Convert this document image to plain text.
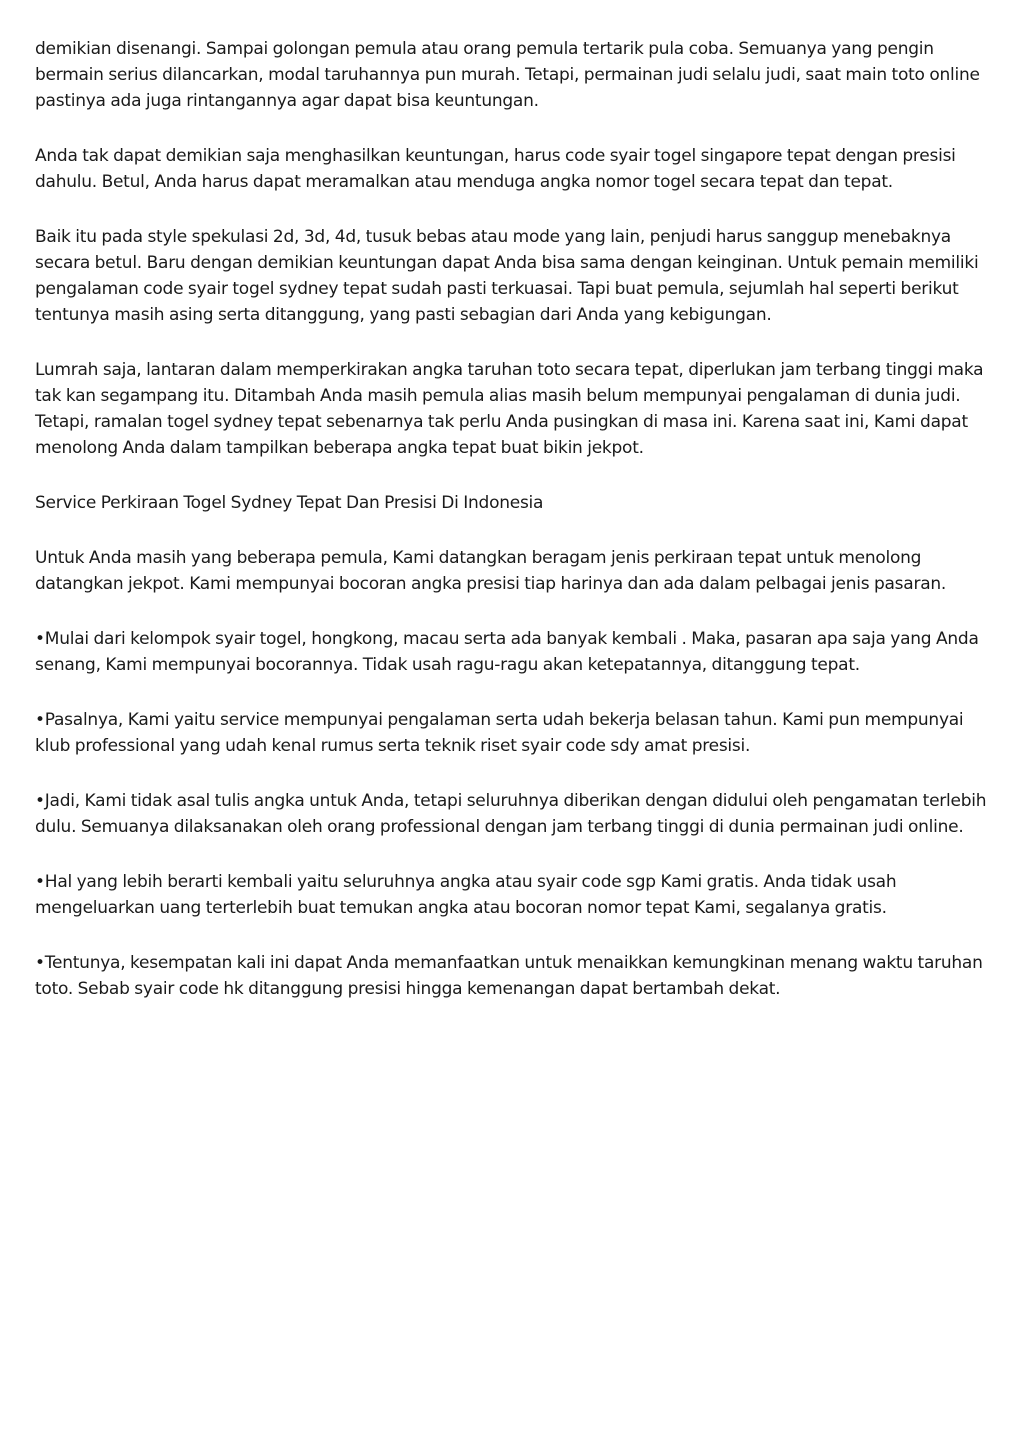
demikian disenangi. Sampai golongan pemula atau orang pemula tertarik pula coba. Semuanya yang pengin bermain serius dilancarkan, modal taruhannya pun murah. Tetapi, permainan judi selalu judi, saat main toto online pastinya ada juga rintangannya agar dapat bisa keuntungan.

Anda tak dapat demikian saja menghasilkan keuntungan, harus code syair togel singapore tepat dengan presisi dahulu. Betul, Anda harus dapat meramalkan atau menduga angka nomor togel secara tepat dan tepat.

Baik itu pada style spekulasi 2d, 3d, 4d, tusuk bebas atau mode yang lain, penjudi harus sanggup menebaknya secara betul. Baru dengan demikian keuntungan dapat Anda bisa sama dengan keinginan. Untuk pemain memiliki pengalaman code syair togel sydney tepat sudah pasti terkuasai. Tapi buat pemula, sejumlah hal seperti berikut tentunya masih asing serta ditanggung, yang pasti sebagian dari Anda yang kebigungan.

Lumrah saja, lantaran dalam memperkirakan angka taruhan toto secara tepat, diperlukan jam terbang tinggi maka tak kan segampang itu. Ditambah Anda masih pemula alias masih belum mempunyai pengalaman di dunia judi. Tetapi, ramalan togel sydney tepat sebenarnya tak perlu Anda pusingkan di masa ini. Karena saat ini, Kami dapat menolong Anda dalam tampilkan beberapa angka tepat buat bikin jekpot.

Service Perkiraan Togel Sydney Tepat Dan Presisi Di Indonesia

Untuk Anda masih yang beberapa pemula, Kami datangkan beragam jenis perkiraan tepat untuk menolong datangkan jekpot. Kami mempunyai bocoran angka presisi tiap harinya dan ada dalam pelbagai jenis pasaran.

•Mulai dari kelompok syair togel, hongkong, macau serta ada banyak kembali . Maka, pasaran apa saja yang Anda senang, Kami mempunyai bocorannya. Tidak usah ragu-ragu akan ketepatannya, ditanggung tepat.

•Pasalnya, Kami yaitu service mempunyai pengalaman serta udah bekerja belasan tahun. Kami pun mempunyai klub professional yang udah kenal rumus serta teknik riset syair code sdy amat presisi.

•Jadi, Kami tidak asal tulis angka untuk Anda, tetapi seluruhnya diberikan dengan didului oleh pengamatan terlebih dulu. Semuanya dilaksanakan oleh orang professional dengan jam terbang tinggi di dunia permainan judi online.

•Hal yang lebih berarti kembali yaitu seluruhnya angka atau syair code sgp Kami gratis. Anda tidak usah mengeluarkan uang terterlebih buat temukan angka atau bocoran nomor tepat Kami, segalanya gratis.

•Tentunya, kesempatan kali ini dapat Anda memanfaatkan untuk menaikkan kemungkinan menang waktu taruhan toto. Sebab syair code hk ditanggung presisi hingga kemenangan dapat bertambah dekat.
